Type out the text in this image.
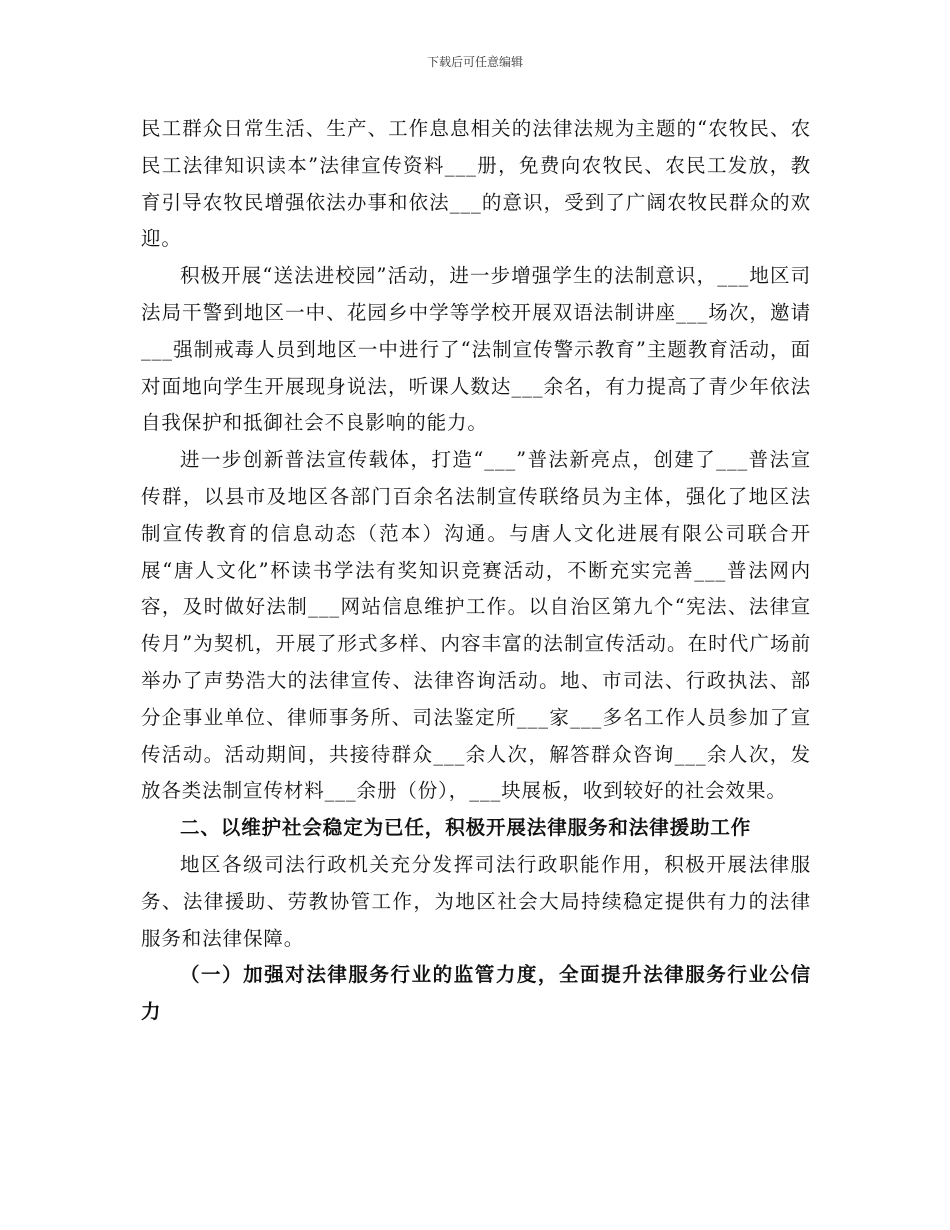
下载后可任意编辑

民工群众日常生活、生产、工作息息相关的法律法规为主题的“农牧民、农民工法律知识读本”法律宣传资料___册，免费向农牧民、农民工发放，教育引导农牧民增强依法办事和依法___的意识，受到了广阔农牧民群众的欢迎。

积极开展“送法进校园”活动，进一步增强学生的法制意识，___地区司法局干警到地区一中、花园乡中学等学校开展双语法制讲座___场次，邀请___强制戒毒人员到地区一中进行了“法制宣传警示教育”主题教育活动，面对面地向学生开展现身说法，听课人数达___余名，有力提高了青少年依法自我保护和抵御社会不良影响的能力。

进一步创新普法宣传载体，打造“___”普法新亮点，创建了___普法宣传群，以县市及地区各部门百余名法制宣传联络员为主体，强化了地区法制宣传教育的信息动态（范本）沟通。与唐人文化进展有限公司联合开展“唐人文化”杯读书学法有奖知识竞赛活动，不断充实完善___普法网内容，及时做好法制___网站信息维护工作。以自治区第九个“宪法、法律宣传月”为契机，开展了形式多样、内容丰富的法制宣传活动。在时代广场前举办了声势浩大的法律宣传、法律咨询活动。地、市司法、行政执法、部分企事业单位、律师事务所、司法鉴定所___家___多名工作人员参加了宣传活动。活动期间，共接待群众___余人次，解答群众咨询___余人次，发放各类法制宣传材料___余册（份），___块展板，收到较好的社会效果。

二、以维护社会稳定为已任，积极开展法律服务和法律援助工作

地区各级司法行政机关充分发挥司法行政职能作用，积极开展法律服务、法律援助、劳教协管工作，为地区社会大局持续稳定提供有力的法律服务和法律保障。

（一）加强对法律服务行业的监管力度，全面提升法律服务行业公信力
